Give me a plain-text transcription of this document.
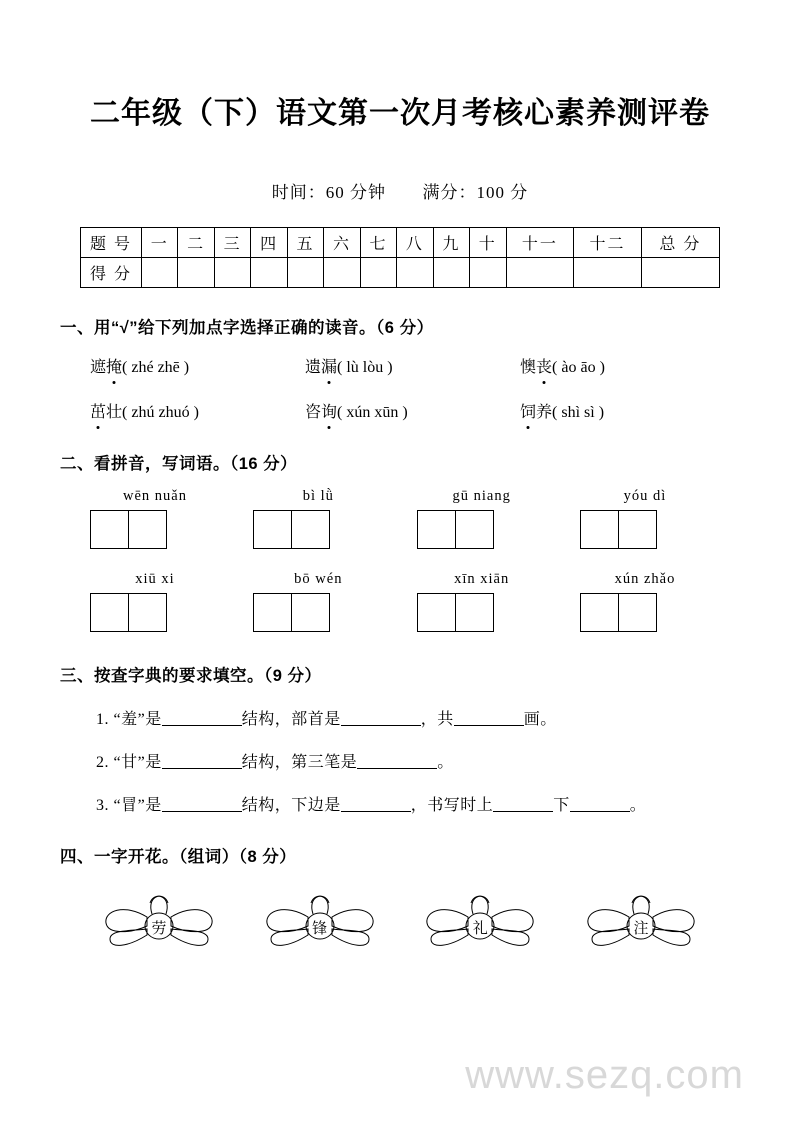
二年级（下）语文第一次月考核心素养测评卷
时间：60 分钟 满分：100 分
题 号	一	二	三	四	五	六	七	八	九	十	十一	十二	总 分
得 分													
一、用“√”给下列加点字选择正确的读音。（6 分）
遮掩( zhé zhē )	遗漏( lù lòu )	懊丧( ào āo )
茁壮( zhú zhuó )	咨询( xún xūn )	饲养( shì sì )
二、看拼音，写词语。（16 分）
wēn nuǎn	bì lǜ	gū niang	yóu dì
xiū xi	bō wén	xīn xiān	xún zhǎo
三、按查字典的要求填空。（9 分）
1. “羞”是	结构，部首是	，共	画。
2. “甘”是	结构，第三笔是	。
3. “冒”是	结构，下边是	，书写时上	下	。
四、一字开花。（组词）（8 分）
劳	锋	礼	注
www.sezq.com
